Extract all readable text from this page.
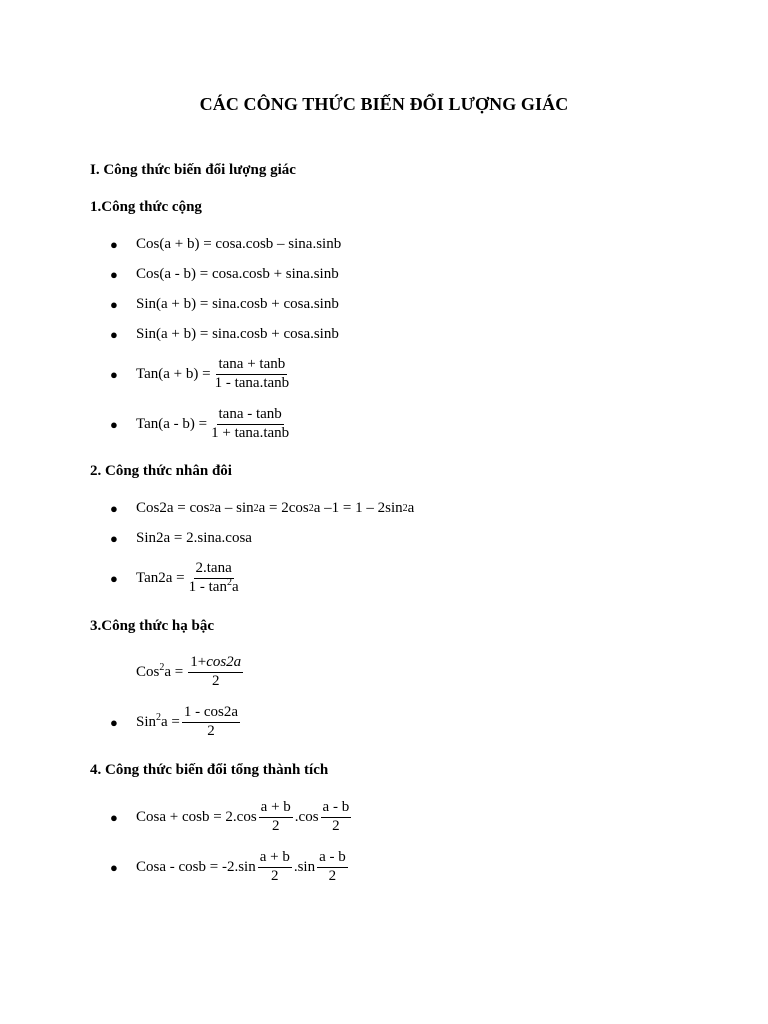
CÁC CÔNG THỨC BIẾN ĐỔI LƯỢNG GIÁC
I. Công thức biến đổi lượng giác
1.Công thức cộng
●	Cos(a + b) = cosa.cosb – sina.sinb
●	Cos(a - b) = cosa.cosb + sina.sinb
●	Sin(a + b) = sina.cosb + cosa.sinb
●	Sin(a + b) = sina.cosb + cosa.sinb
●	$Tan(a + b) = \frac{\tan a + \tan b}{1 - \tan a.\tan b}$
●	$Tan(a - b) = \frac{\tan a - \tan b}{1 + \tan a.\tan b}$
2. Công thức nhân đôi
●	Cos2a = cos 2 a – sin 2 a = 2cos 2 a –1 = 1 – 2sin 2 a
●	Sin2a = 2.sina.cosa
●	$Tan2a = \frac{2.\tan a}{1 - \tan^2a}$
3.Công thức hạ bậc
$Cos^2a = \frac{1+\cos 2a}{2}$
●	$Sin^2a = \frac{1 - \cos 2a}{2}$
4. Công thức biến đổi tổng thành tích
●	Cosa + $\cos b = 2.\cos \frac{a + b}{2} .\cos \frac{a - b}{2}$
●	Cosa - $\cos b = -2.\sin \frac{a + b}{2} .\sin \frac{a - b}{2}$
